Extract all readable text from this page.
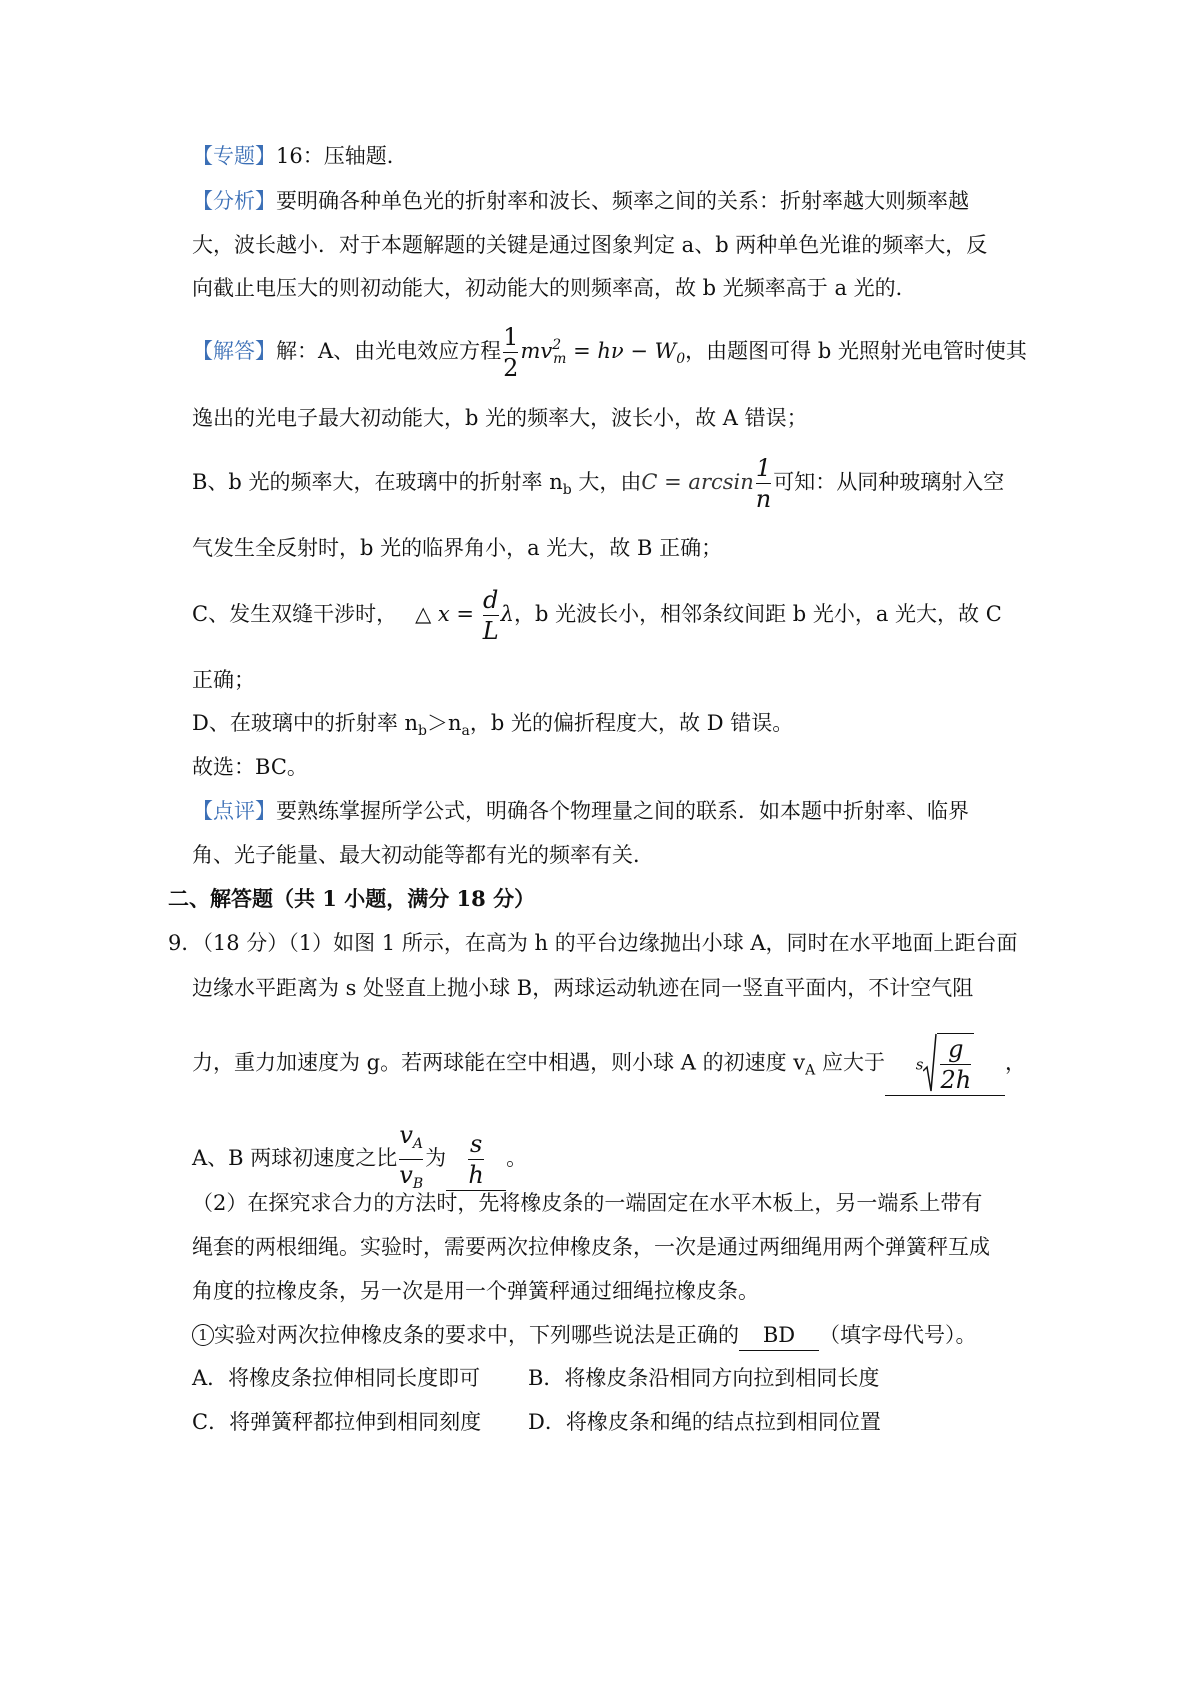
【专题】16：压轴题．
【分析】要明确各种单色光的折射率和波长、频率之间的关系：折射率越大则频率越
大，波长越小．对于本题解题的关键是通过图象判定 a、b 两种单色光谁的频率大，反
向截止电压大的则初动能大，初动能大的则频率高，故 b 光频率高于 a 光的．
【解答】解：A、由光电效应方程 $\frac{1}{2} mv^2_m = h\nu - W_0$，由题图可得 b 光照射光电管时使其
逸出的光电子最大初动能大，b 光的频率大，波长小，故 A 错误；
B、b 光的频率大，在玻璃中的折射率 $n_b$ 大，由$C = \arcsin \frac{1}{n}$ 可知：从同种玻璃射入空
气发生全反射时，b 光的临界角小，a 光大，故 B 正确；
C、发生双缝干涉时， △ $x = \frac{d}{L}$ λ，b 光波长小，相邻条纹间距 b 光小，a 光大，故 C
正确；
D、在玻璃中的折射率 $n_b>n_a$，b 光的偏折程度大，故 D 错误。
故选：BC。
【点评】要熟练掌握所学公式，明确各个物理量之间的联系．如本题中折射率、临界
角、光子能量、最大初动能等都有光的频率有关．
二、解答题（共 1 小题，满分 18 分）
9．（18 分）（1）如图 1 所示，在高为 h 的平台边缘抛出小球 A，同时在水平地面上距台面
边缘水平距离为 s 处竖直上抛小球 B，两球运动轨迹在同一竖直平面内，不计空气阻
力，重力加速度为 g。若两球能在空中相遇，则小球 A 的初速度 $v_A$ 应大于 s $\frac{g}{2h}$ ，
A、B 两球初速度之比 $\frac{v_A}{v_B}$ 为 $\frac{s}{h}$ 。
（2）在探究求合力的方法时，先将橡皮条的一端固定在水平木板上，另一端系上带有
绳套的两根细绳。实验时，需要两次拉伸橡皮条，一次是通过两细绳用两个弹簧秤互成
角度的拉橡皮条，另一次是用一个弹簧秤通过细绳拉橡皮条。
1 实验对两次拉伸橡皮条的要求中，下列哪些说法是正确的 BD （填字母代号）。
A．将橡皮条拉伸相同长度即可 B．将橡皮条沿相同方向拉到相同长度
C．将弹簧秤都拉伸到相同刻度 D．将橡皮条和绳的结点拉到相同位置
